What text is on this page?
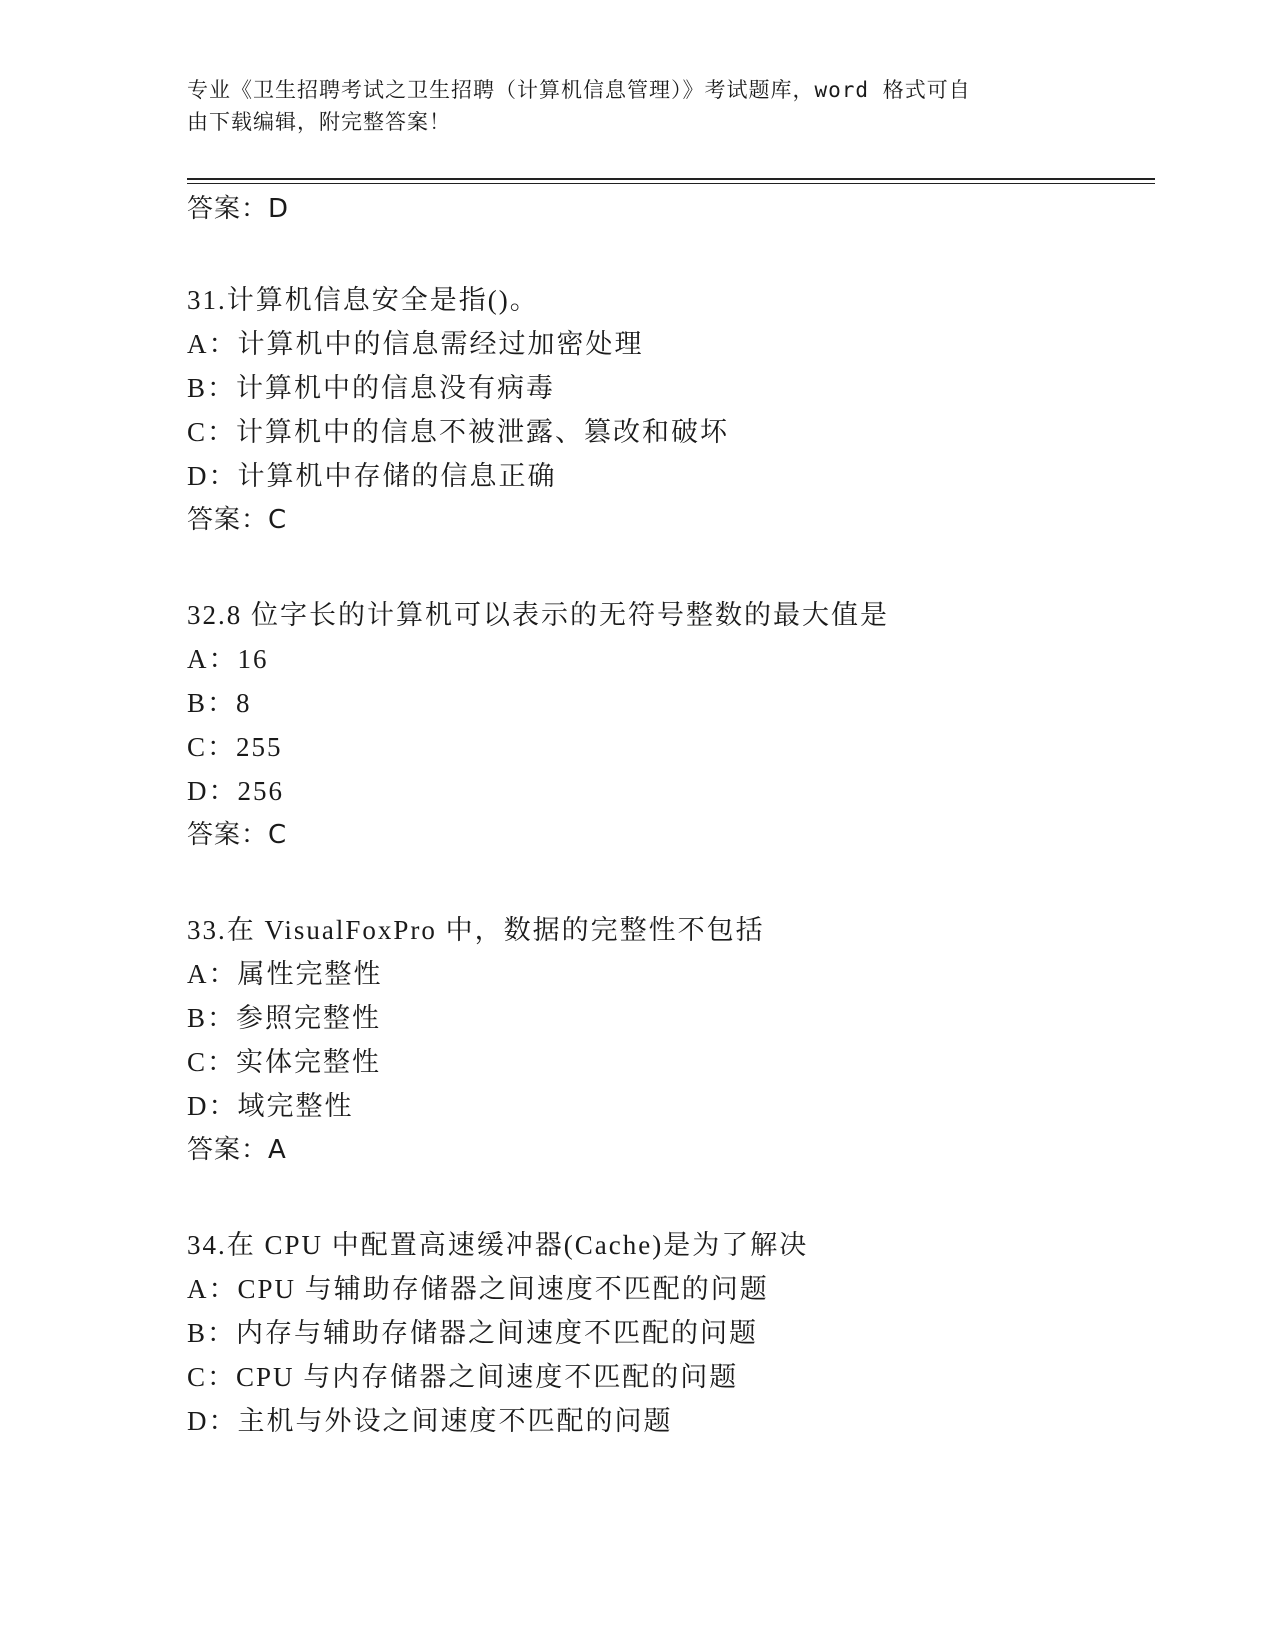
专业《卫生招聘考试之卫生招聘（计算机信息管理）》考试题库，word 格式可自
由下载编辑，附完整答案！
答案：D
31.计算机信息安全是指()。
A：计算机中的信息需经过加密处理
B：计算机中的信息没有病毒
C：计算机中的信息不被泄露、篡改和破坏
D：计算机中存储的信息正确
答案：C
32.8 位字长的计算机可以表示的无符号整数的最大值是
A：16
B：8
C：255
D：256
答案：C
33.在 VisualFoxPro 中，数据的完整性不包括
A：属性完整性
B：参照完整性
C：实体完整性
D：域完整性
答案：A
34.在 CPU 中配置高速缓冲器(Cache)是为了解决
A：CPU 与辅助存储器之间速度不匹配的问题
B：内存与辅助存储器之间速度不匹配的问题
C：CPU 与内存储器之间速度不匹配的问题
D：主机与外设之间速度不匹配的问题
